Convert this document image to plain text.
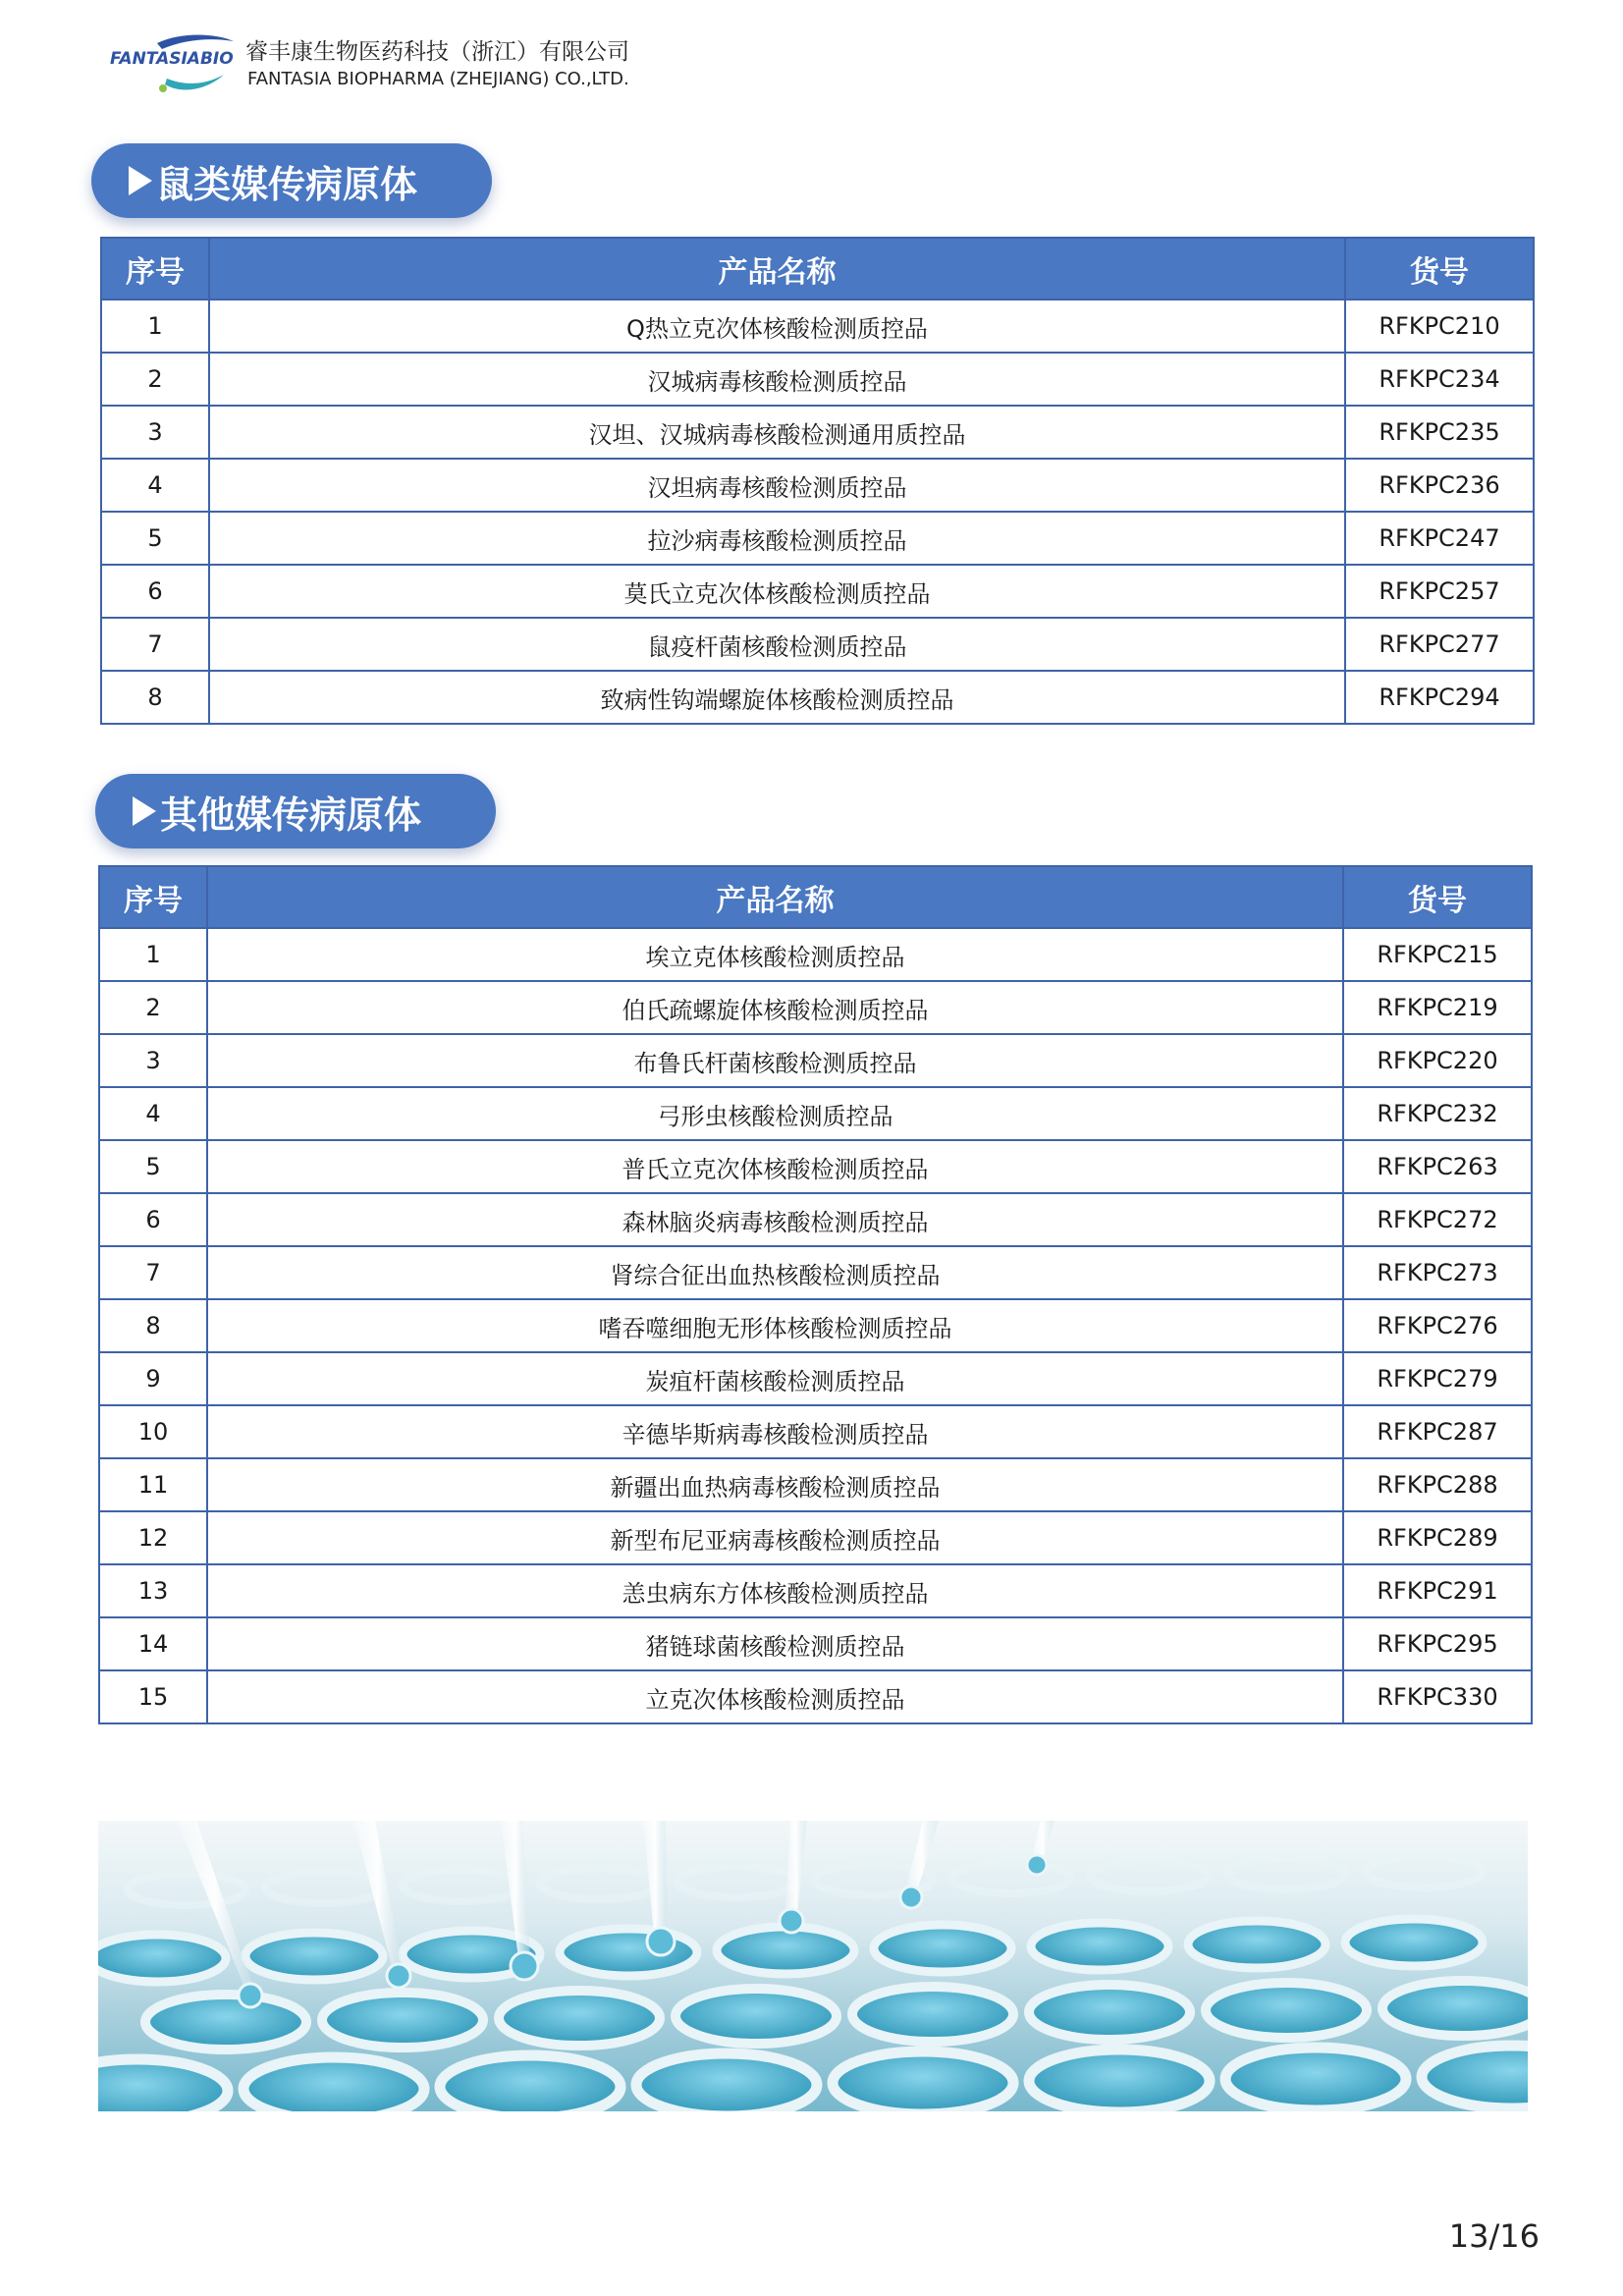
FANTASIABIO 睿丰康生物医药科技（浙江）有限公司
FANTASIA BIOPHARMA (ZHEJIANG) CO.,LTD.
鼠类媒传病原体
序号	产品名称	货号
1	Q热立克次体核酸检测质控品	RFKPC210
2	汉城病毒核酸检测质控品	RFKPC234
3	汉坦、汉城病毒核酸检测通用质控品	RFKPC235
4	汉坦病毒核酸检测质控品	RFKPC236
5	拉沙病毒核酸检测质控品	RFKPC247
6	莫氏立克次体核酸检测质控品	RFKPC257
7	鼠疫杆菌核酸检测质控品	RFKPC277
8	致病性钩端螺旋体核酸检测质控品	RFKPC294
其他媒传病原体
序号	产品名称	货号
1	埃立克体核酸检测质控品	RFKPC215
2	伯氏疏螺旋体核酸检测质控品	RFKPC219
3	布鲁氏杆菌核酸检测质控品	RFKPC220
4	弓形虫核酸检测质控品	RFKPC232
5	普氏立克次体核酸检测质控品	RFKPC263
6	森林脑炎病毒核酸检测质控品	RFKPC272
7	肾综合征出血热核酸检测质控品	RFKPC273
8	嗜吞噬细胞无形体核酸检测质控品	RFKPC276
9	炭疽杆菌核酸检测质控品	RFKPC279
10	辛德毕斯病毒核酸检测质控品	RFKPC287
11	新疆出血热病毒核酸检测质控品	RFKPC288
12	新型布尼亚病毒核酸检测质控品	RFKPC289
13	恙虫病东方体核酸检测质控品	RFKPC291
14	猪链球菌核酸检测质控品	RFKPC295
15	立克次体核酸检测质控品	RFKPC330
13/16
